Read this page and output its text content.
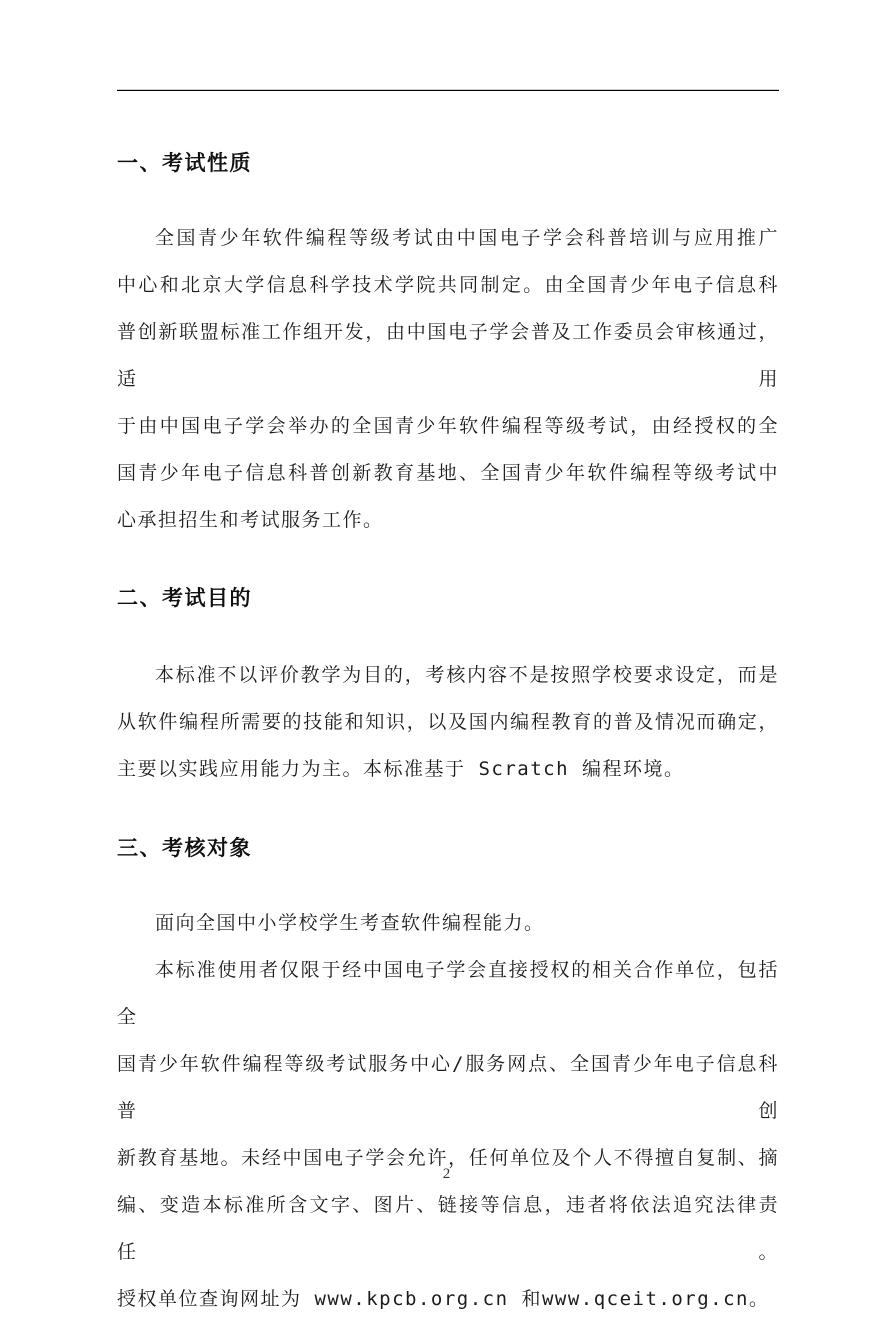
一、考试性质
全国青少年软件编程等级考试由中国电子学会科普培训与应用推广
中心和北京大学信息科学技术学院共同制定。由全国青少年电子信息科
普创新联盟标准工作组开发，由中国电子学会普及工作委员会审核通过，适用
于由中国电子学会举办的全国青少年软件编程等级考试，由经授权的全
国青少年电子信息科普创新教育基地、全国青少年软件编程等级考试中
心承担招生和考试服务工作。
二、考试目的
本标准不以评价教学为目的，考核内容不是按照学校要求设定，而是
从软件编程所需要的技能和知识，以及国内编程教育的普及情况而确定，
主要以实践应用能力为主。本标准基于 Scratch 编程环境。
三、考核对象
面向全国中小学校学生考查软件编程能力。
本标准使用者仅限于经中国电子学会直接授权的相关合作单位，包括全
国青少年软件编程等级考试服务中心/服务网点、全国青少年电子信息科普创
新教育基地。未经中国电子学会允许，任何单位及个人不得擅自复制、摘
编、变造本标准所含文字、图片、链接等信息，违者将依法追究法律责任。
授权单位查询网址为 www.kpcb.org.cn 和www.qceit.org.cn。
2
